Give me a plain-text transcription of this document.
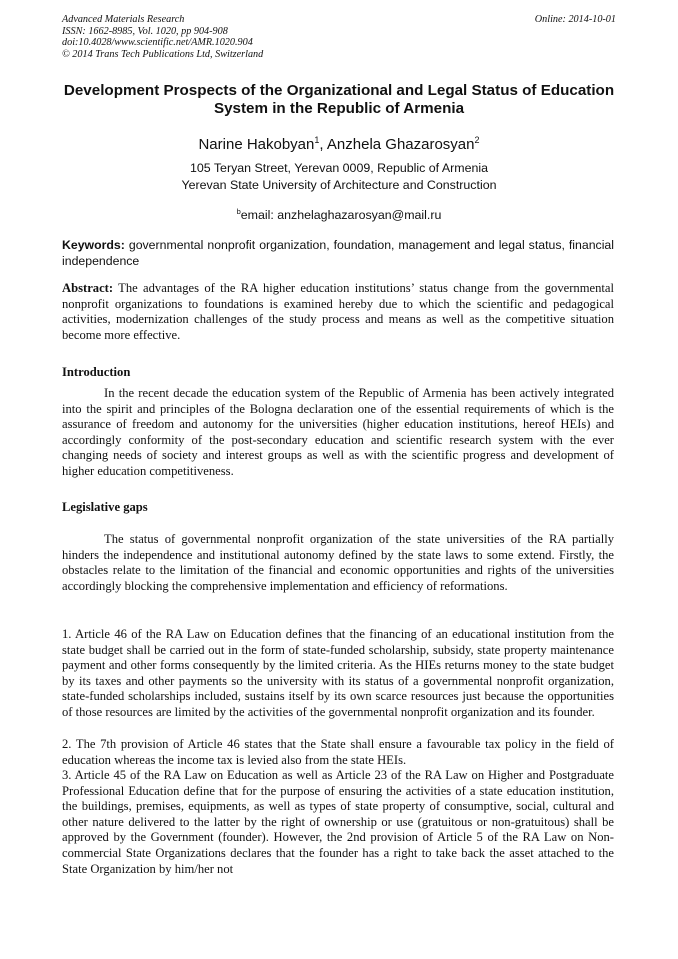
Advanced Materials Research
ISSN: 1662-8985, Vol. 1020, pp 904-908
doi:10.4028/www.scientific.net/AMR.1020.904
© 2014 Trans Tech Publications Ltd, Switzerland
Online: 2014-10-01
Development Prospects of the Organizational and Legal Status of Education System in the Republic of Armenia
Narine Hakobyan$^1$, Anzhela Ghazarosyan$^2$
105 Teryan Street, Yerevan 0009, Republic of Armenia
Yerevan State University of Architecture and Construction
$^b$email: anzhelaghazarosyan@mail.ru
Keywords: governmental nonprofit organization, foundation, management and legal status, financial independence
Abstract: The advantages of the RA higher education institutions’ status change from the governmental nonprofit organizations to foundations is examined hereby due to which the scientific and pedagogical activities, modernization challenges of the study process and means as well as the competitive situation become more effective.
Introduction

In the recent decade the education system of the Republic of Armenia has been actively integrated into the spirit and principles of the Bologna declaration one of the essential requirements of which is the assurance of freedom and autonomy for the universities (higher education institutions, hereof HEIs) and accordingly conformity of the post-secondary education and scientific research system with the ever changing needs of society and interest groups as well as with the scientific progress and development of higher education competitiveness.

Legislative gaps

The status of governmental nonprofit organization of the state universities of the RA partially hinders the independence and institutional autonomy defined by the state laws to some extend. Firstly, the obstacles relate to the limitation of the financial and economic opportunities and rights of the universities accordingly blocking the comprehensive implementation and efficiency of reformations.

1. Article 46 of the RA Law on Education defines that the financing of an educational institution from the state budget shall be carried out in the form of state-funded scholarship, subsidy, state property maintenance payment and other forms consequently by the limited criteria. As the HIEs returns money to the state budget by its taxes and other payments so the university with its status of a governmental nonprofit organization, state-funded scholarships included, sustains itself by its own scarce resources just because the opportunities of those resources are limited by the activities of the governmental nonprofit organization and its founder.

2. The 7th provision of Article 46 states that the State shall ensure a favourable tax policy in the field of education whereas the income tax is levied also from the state HEIs.

3. Article 45 of the RA Law on Education as well as Article 23 of the RA Law on Higher and Postgraduate Professional Education define that for the purpose of ensuring the activities of a state education institution, the buildings, premises, equipments, as well as types of state property of consumptive, social, cultural and other nature delivered to the latter by the right of ownership or use (gratuitous or non-gratuitous) shall be approved by the Government (founder). However, the 2nd provision of Article 5 of the RA Law on Non-commercial State Organizations declares that the founder has a right to take back the asset attached to the State Organization by him/her not
